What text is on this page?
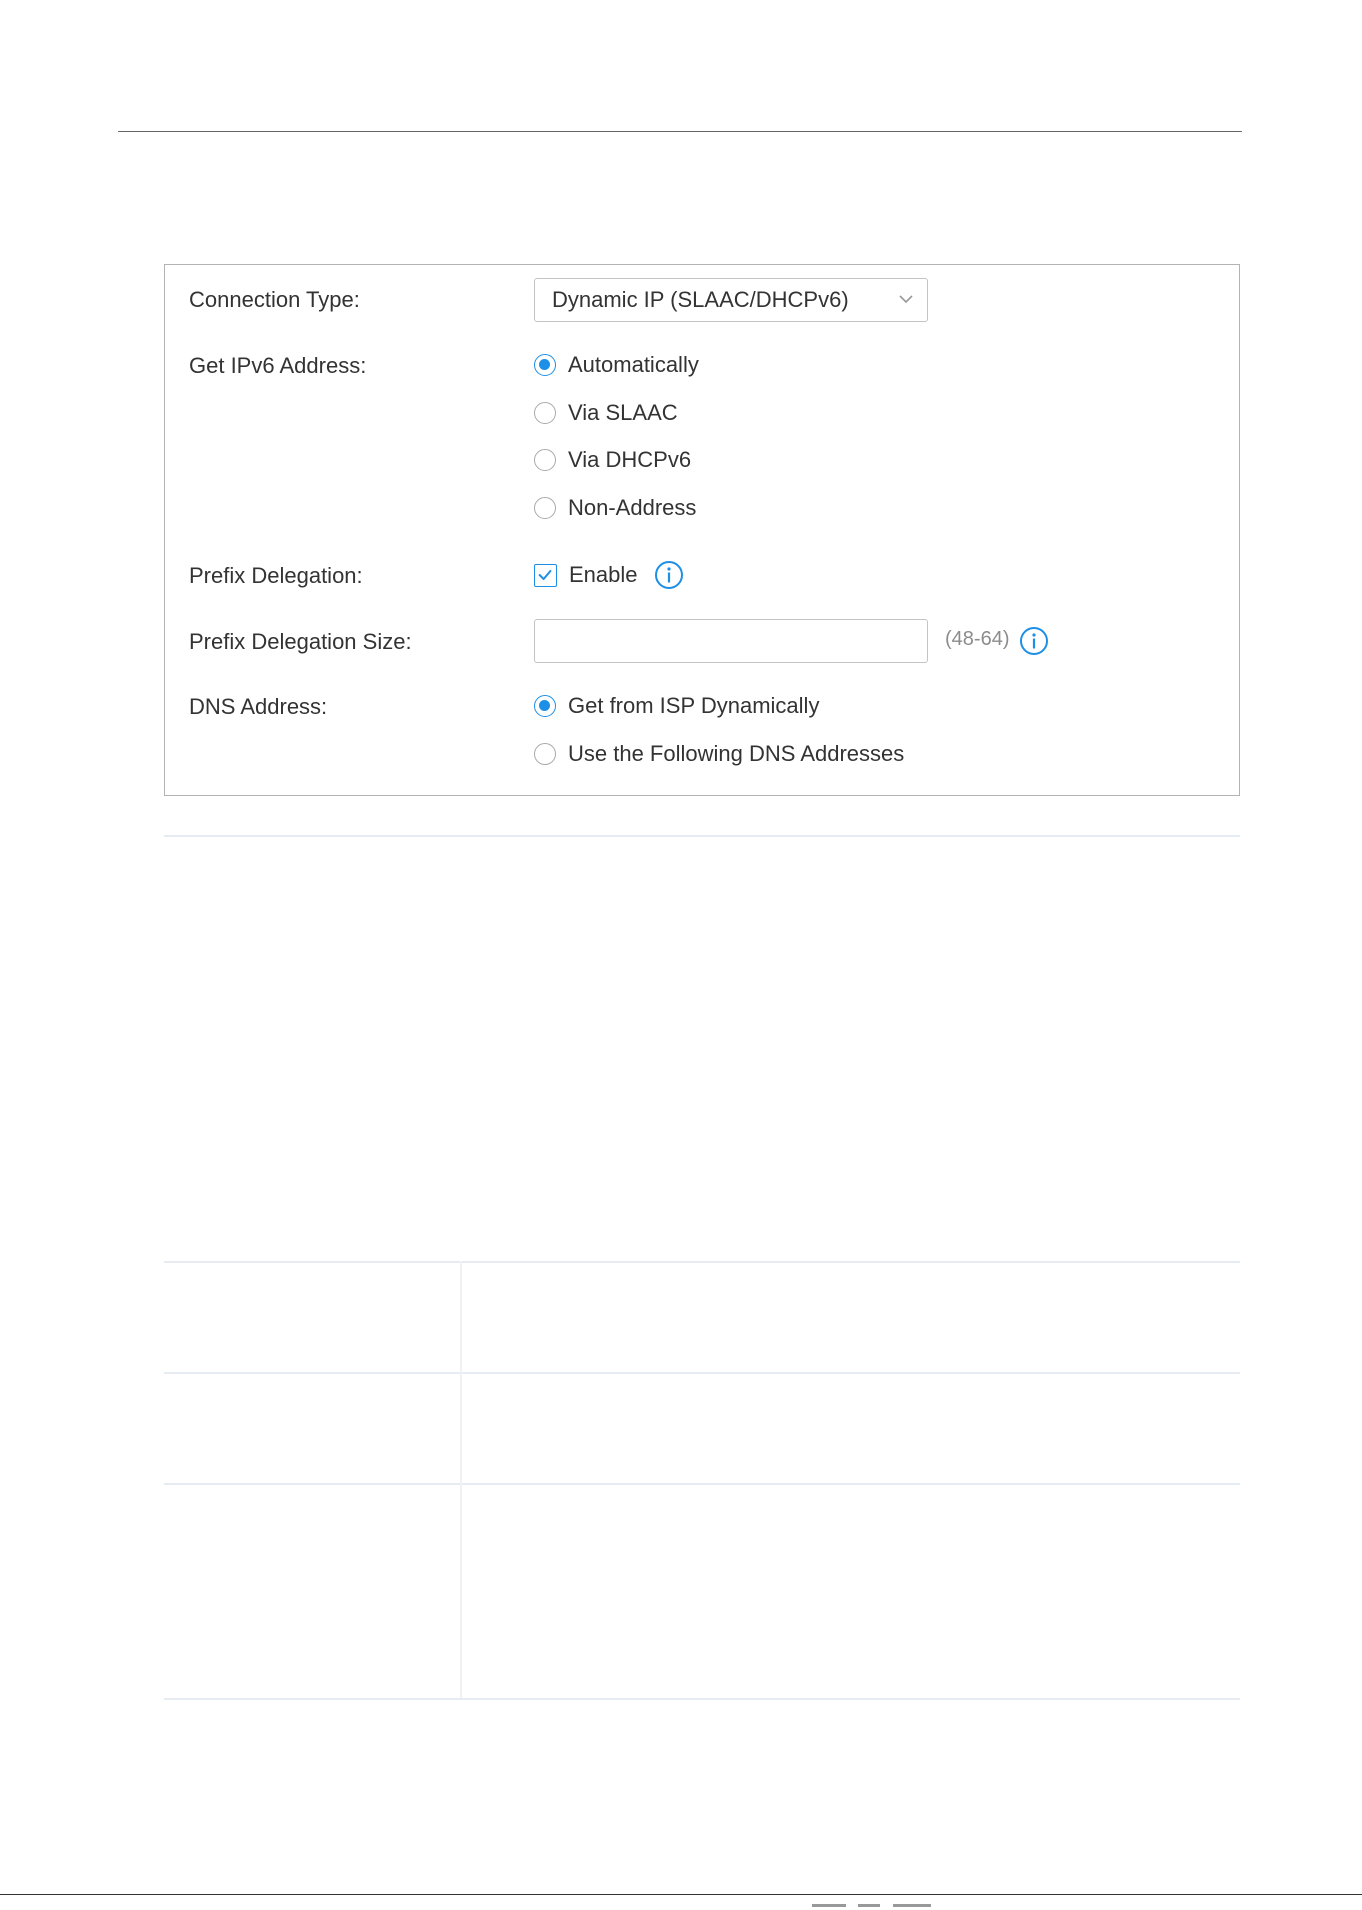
Connection Type:	Dynamic IP (SLAAC/DHCPv6)
Get IPv6 Address:	Automatically
Via SLAAC
Via DHCPv6
Non-Address
Prefix Delegation:	Enable
Prefix Delegation Size:	(48-64)
DNS Address:	Get from ISP Dynamically
Use the Following DNS Addresses
